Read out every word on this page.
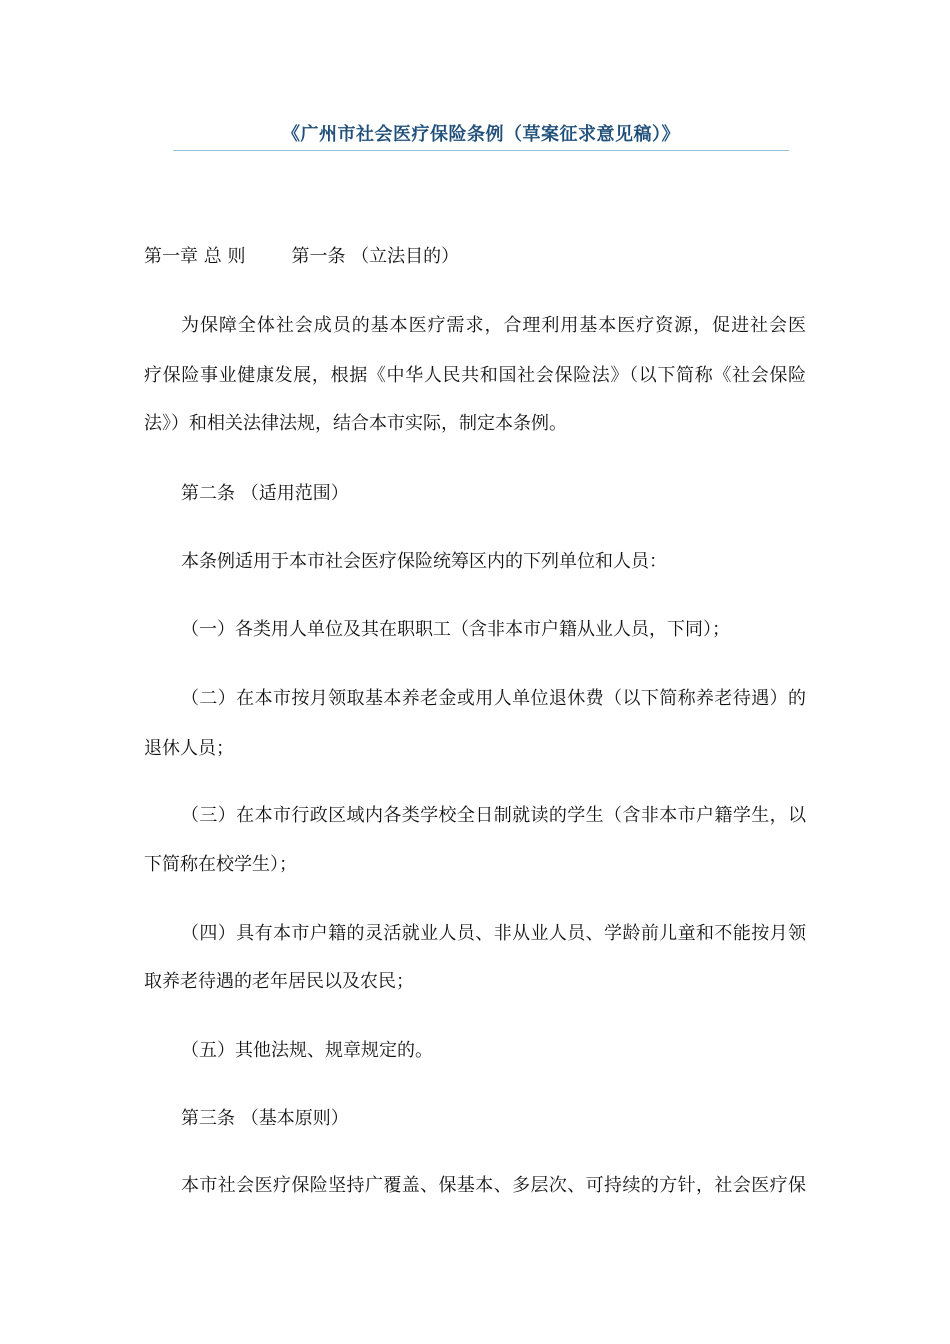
《广州市社会医疗保险条例（草案征求意见稿）》
第一章 总 则	第一条 （立法目的）
为保障全体社会成员的基本医疗需求，合理利用基本医疗资源，促进社会医
疗保险事业健康发展，根据《中华人民共和国社会保险法》（以下简称《社会保险
法》）和相关法律法规，结合本市实际，制定本条例。
第二条 （适用范围）
本条例适用于本市社会医疗保险统筹区内的下列单位和人员：
（一）各类用人单位及其在职职工（含非本市户籍从业人员，下同）；
（二）在本市按月领取基本养老金或用人单位退休费（以下简称养老待遇）的
退休人员；
（三）在本市行政区域内各类学校全日制就读的学生（含非本市户籍学生，以
下简称在校学生）；
（四）具有本市户籍的灵活就业人员、非从业人员、学龄前儿童和不能按月领
取养老待遇的老年居民以及农民；
（五）其他法规、规章规定的。
第三条 （基本原则）
本市社会医疗保险坚持广覆盖、保基本、多层次、可持续的方针，社会医疗保
